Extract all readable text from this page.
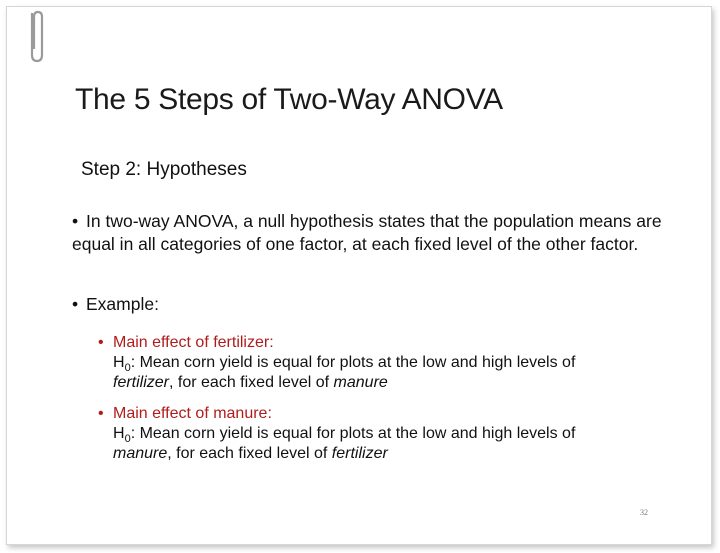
The 5 Steps of Two-Way ANOVA
Step 2: Hypotheses
• In two-way ANOVA, a null hypothesis states that the population means are equal in all categories of one factor, at each fixed level of the other factor.
• Example:
• Main effect of fertilizer:
$H_0$: Mean corn yield is equal for plots at the low and high levels of
fertilizer, for each fixed level of manure
• Main effect of manure:
$H_0$: Mean corn yield is equal for plots at the low and high levels of
manure, for each fixed level of fertilizer
32
